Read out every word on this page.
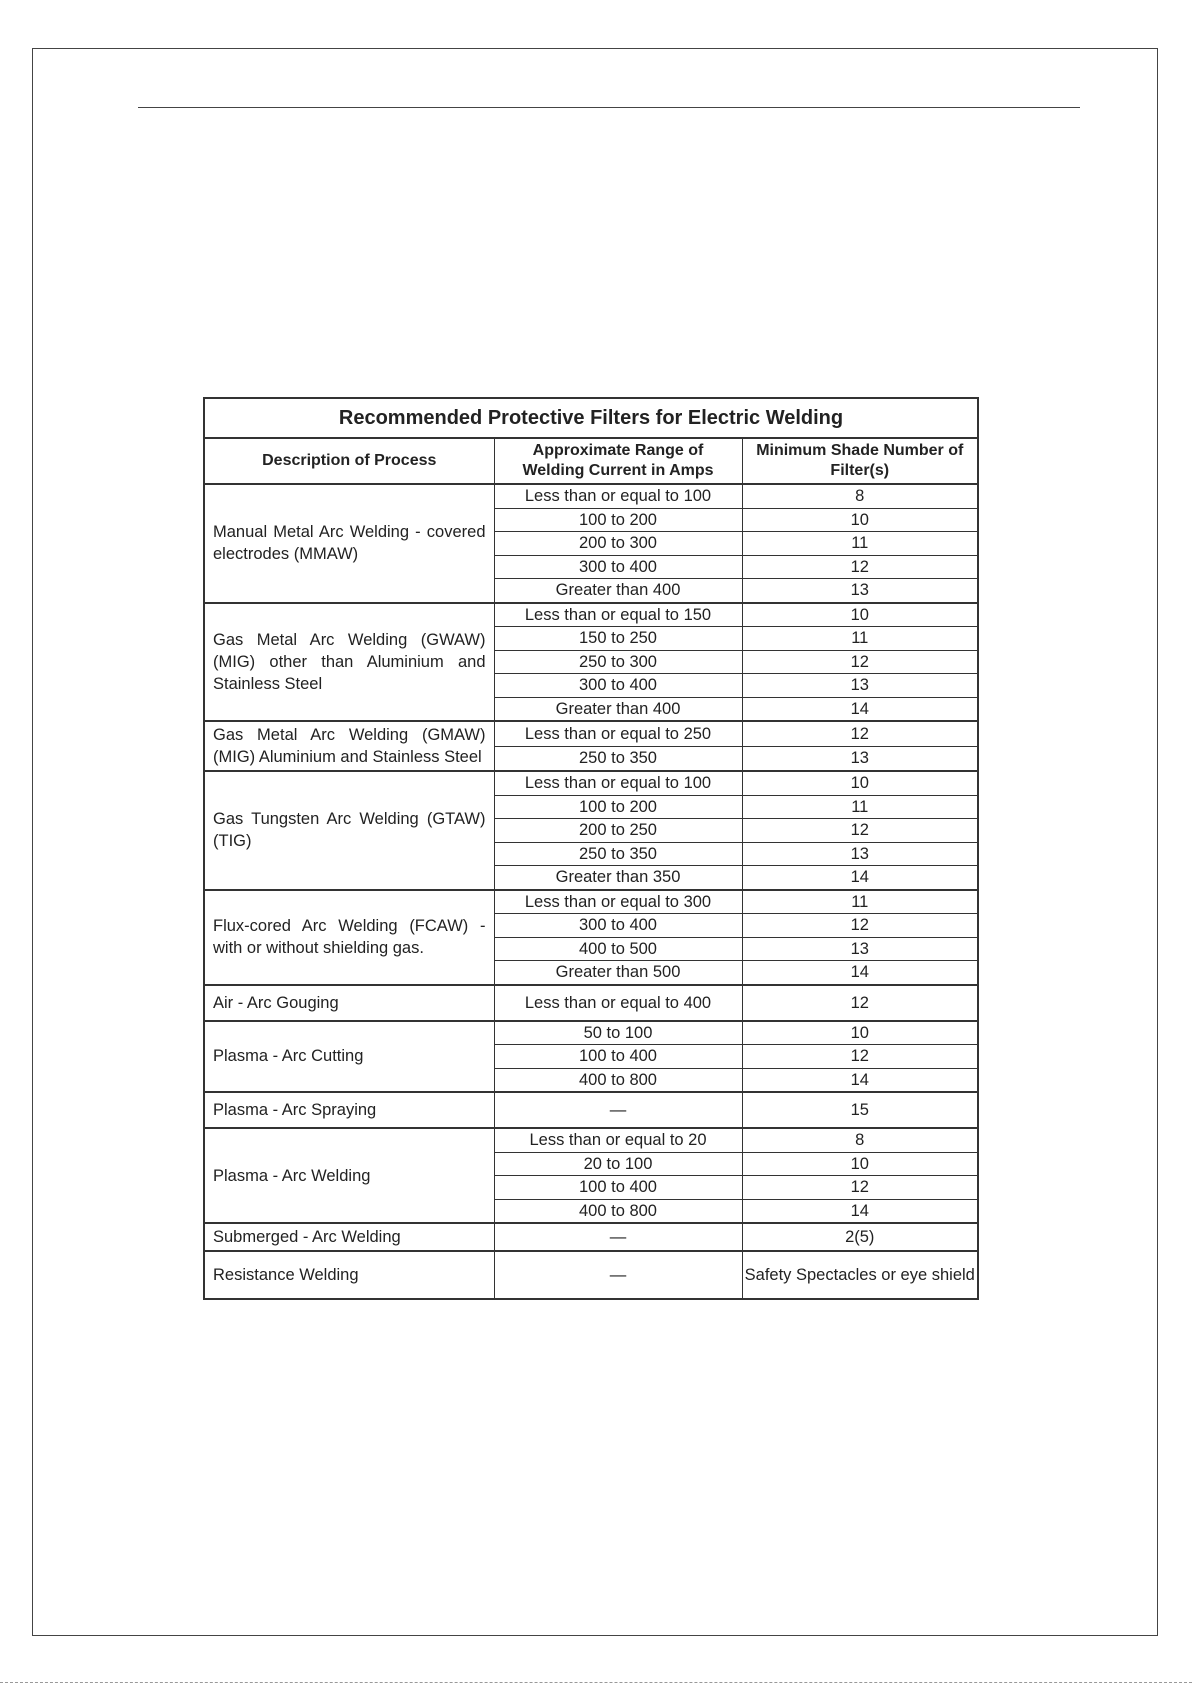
Recommended Protective Filters for Electric Welding		
Description of Process	Approximate Range of Welding Current in Amps	Minimum Shade Number of Filter(s)
Manual Metal Arc Welding - covered electrodes (MMAW)	Less than or equal to 100	8
	100 to 200	10
	200 to 300	11
	300 to 400	12
	Greater than 400	13
Gas Metal Arc Welding (GWAW) (MIG) other than Aluminium and Stainless Steel	Less than or equal to 150	10
	150 to 250	11
	250 to 300	12
	300 to 400	13
	Greater than 400	14
Gas Metal Arc Welding (GMAW) (MIG) Aluminium and Stainless Steel	Less than or equal to 250	12
	250 to 350	13
Gas Tungsten Arc Welding (GTAW) (TIG)	Less than or equal to 100	10
	100 to 200	11
	200 to 250	12
	250 to 350	13
	Greater than 350	14
Flux-cored Arc Welding (FCAW) -with or without shielding gas.	Less than or equal to 300	11
	300 to 400	12
	400 to 500	13
	Greater than 500	14
Air - Arc Gouging	Less than or equal to 400	12
Plasma - Arc Cutting	50 to 100	10
	100 to 400	12
	400 to 800	14
Plasma - Arc Spraying	—	15
Plasma - Arc Welding	Less than or equal to 20	8
	20 to 100	10
	100 to 400	12
	400 to 800	14
Submerged - Arc Welding	—	2(5)
Resistance Welding	—	Safety Spectacles or eye shield
